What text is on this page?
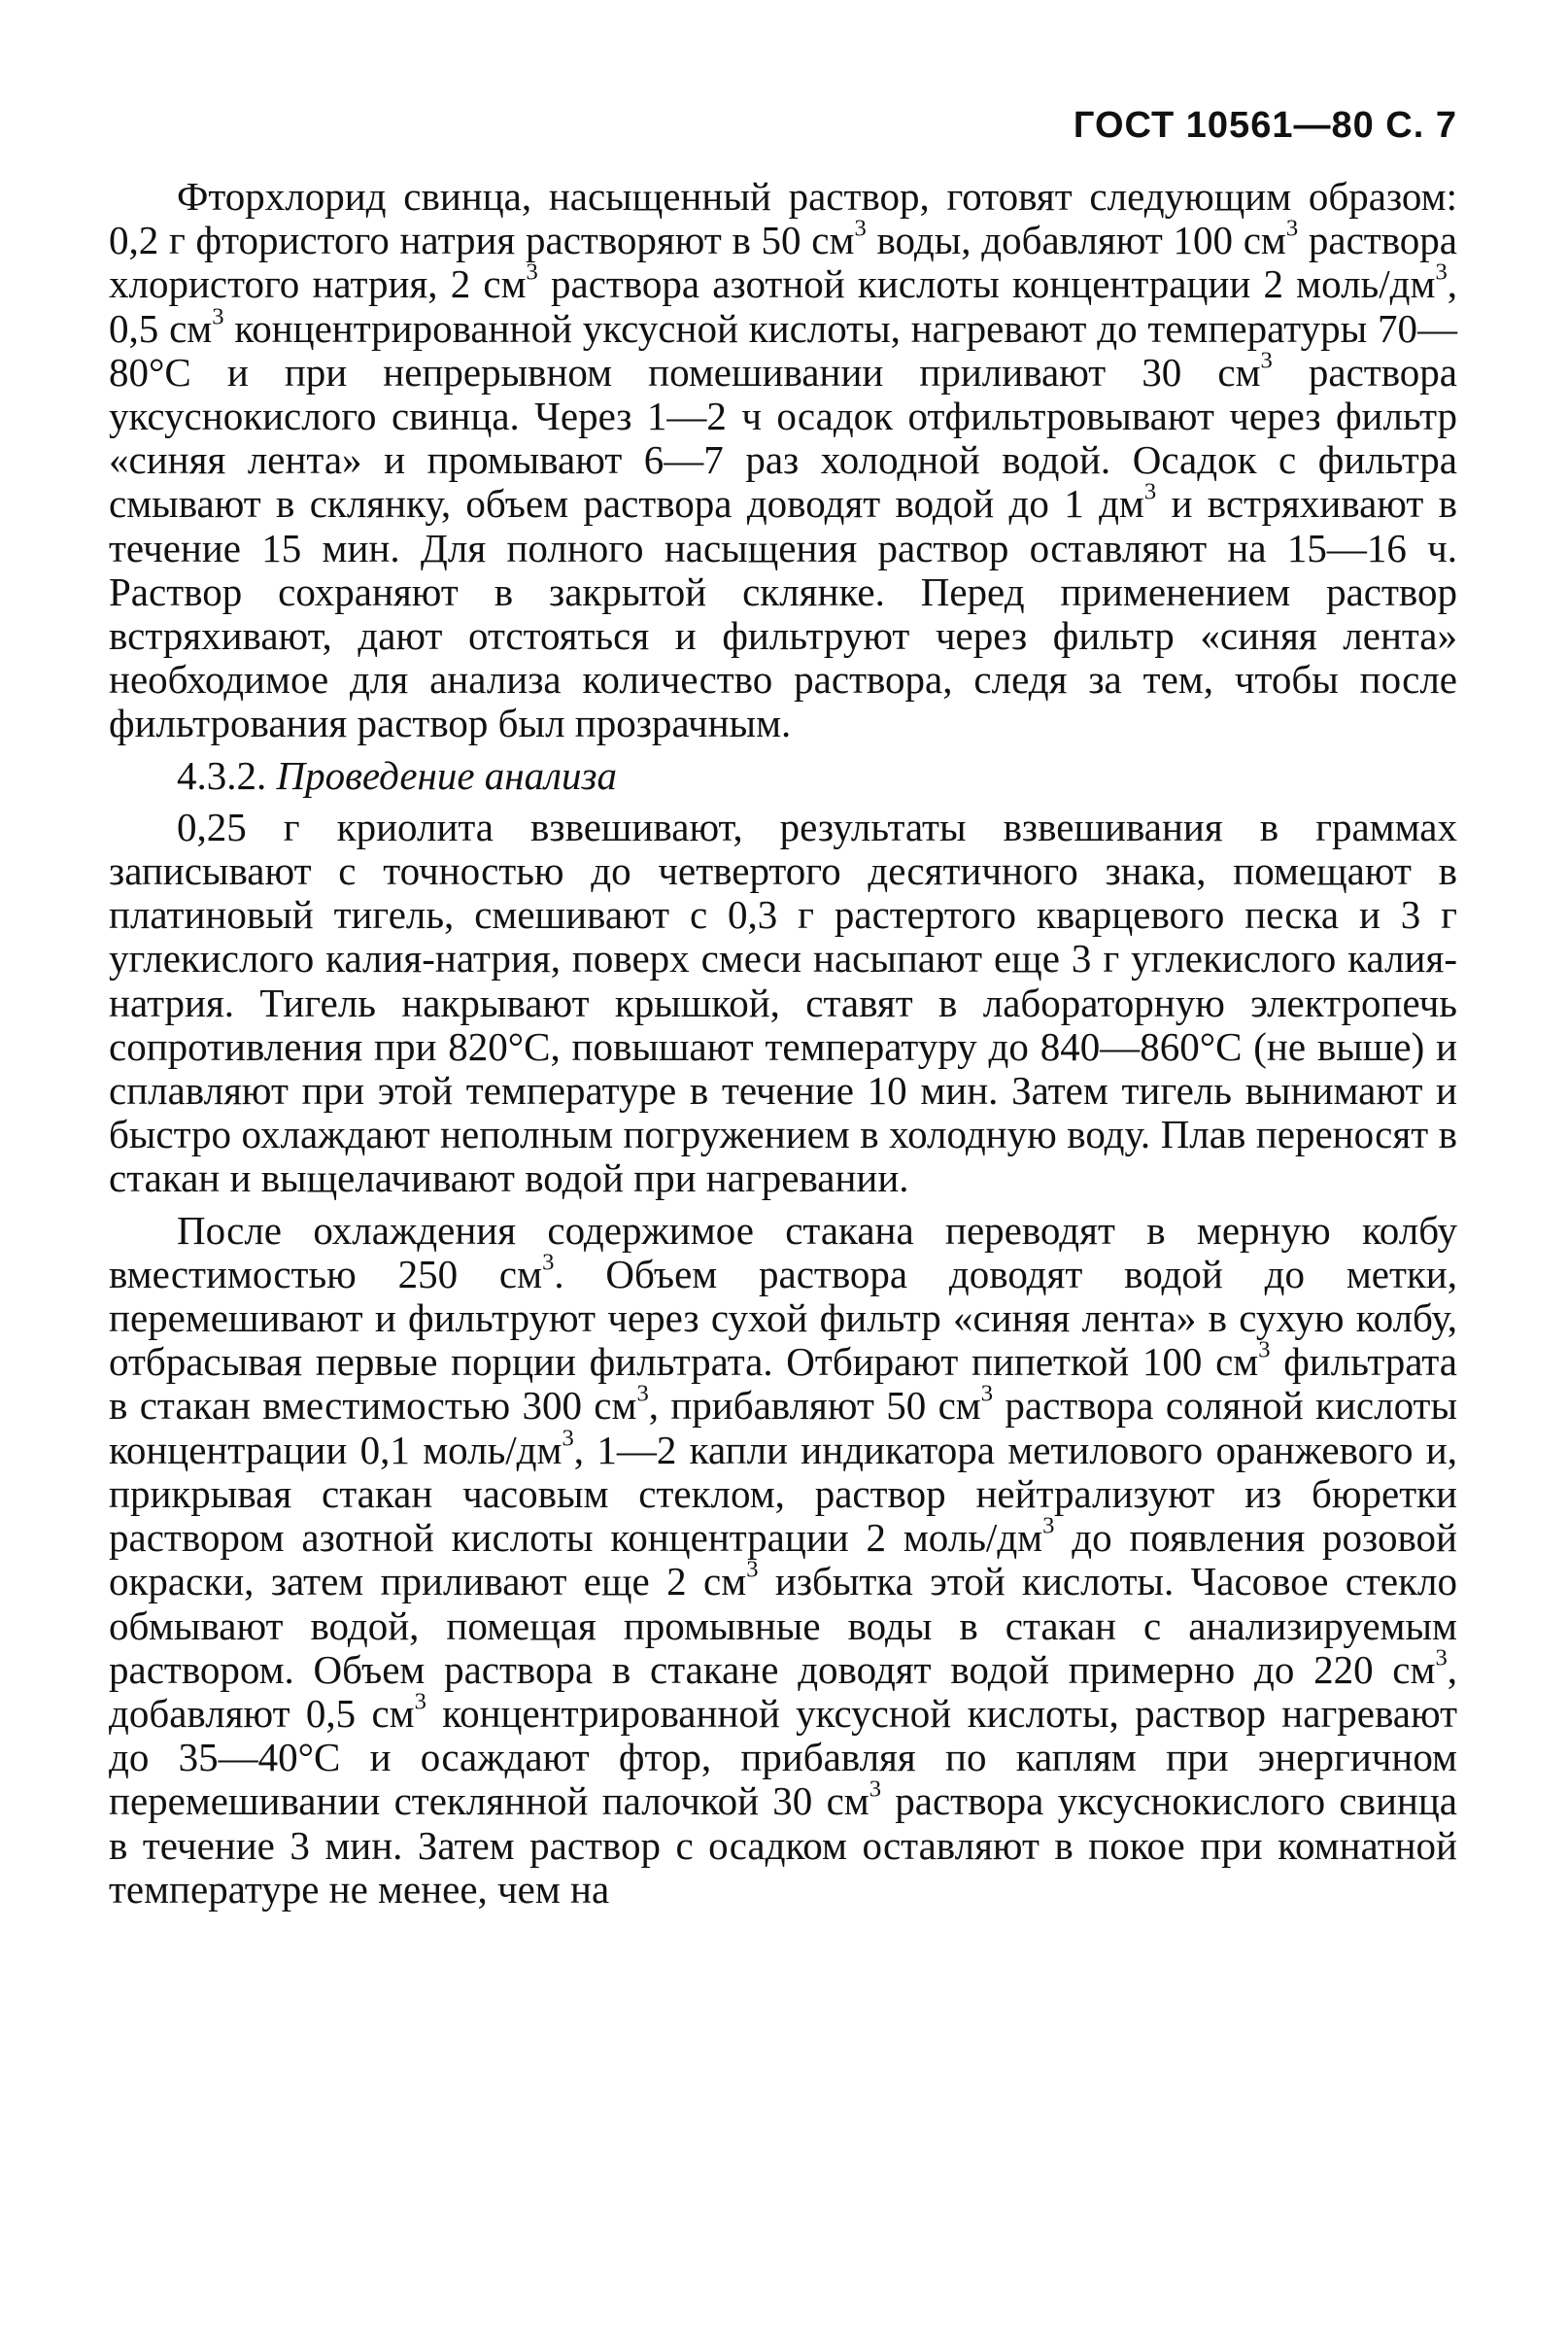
ГОСТ 10561—80 С. 7

Фторхлорид свинца, насыщенный раствор, готовят следующим образом: 0,2 г фтористого натрия растворяют в 50 $см^3$ воды, добавляют 100 $см^3$ раствора хлористого натрия, 2 $см^3$ раствора азотной кислоты концентрации 2 моль/$дм^3$, 0,5 $см^3$ концентрированной уксусной кислоты, нагревают до температуры 70—80°С и при непрерывном помешивании приливают 30 $см^3$ раствора уксуснокислого свинца. Через 1—2 ч осадок отфильтровывают через фильтр «синяя лента» и промывают 6—7 раз холодной водой. Осадок с фильтра смывают в склянку, объем раствора доводят водой до 1 $дм^3$ и встряхивают в течение 15 мин. Для полного насыщения раствор оставляют на 15—16 ч. Раствор сохраняют в закрытой склянке. Перед применением раствор встряхивают, дают отстояться и фильтруют через фильтр «синяя лента» необходимое для анализа количество раствора, следя за тем, чтобы после фильтрования раствор был прозрачным.

4.3.2. Проведение анализа

0,25 г криолита взвешивают, результаты взвешивания в граммах записывают с точностью до четвертого десятичного знака, помещают в платиновый тигель, смешивают с 0,3 г растертого кварцевого песка и 3 г углекислого калия-натрия, поверх смеси насыпают еще 3 г углекислого калия-натрия. Тигель накрывают крышкой, ставят в лабораторную электропечь сопротивления при 820°С, повышают температуру до 840—860°С (не выше) и сплавляют при этой температуре в течение 10 мин. Затем тигель вынимают и быстро охлаждают неполным погружением в холодную воду. Плав переносят в стакан и выщелачивают водой при нагревании.

После охлаждения содержимое стакана переводят в мерную колбу вместимостью 250 $см^3$. Объем раствора доводят водой до метки, перемешивают и фильтруют через сухой фильтр «синяя лента» в сухую колбу, отбрасывая первые порции фильтрата. Отбирают пипеткой 100 $см^3$ фильтрата в стакан вместимостью 300 $см^3$, прибавляют 50 $см^3$ раствора соляной кислоты концентрации 0,1 моль/$дм^3$, 1—2 капли индикатора метилового оранжевого и, прикрывая стакан часовым стеклом, раствор нейтрализуют из бюретки раствором азотной кислоты концентрации 2 моль/$дм^3$ до появления розовой окраски, затем приливают еще 2 $см^3$ избытка этой кислоты. Часовое стекло обмывают водой, помещая промывные воды в стакан с анализируемым раствором. Объем раствора в стакане доводят водой примерно до 220 $см^3$, добавляют 0,5 $см^3$ концентрированной уксусной кислоты, раствор нагревают до 35—40°С и осаждают фтор, прибавляя по каплям при энергичном перемешивании стеклянной палочкой 30 $см^3$ раствора уксуснокислого свинца в течение 3 мин. Затем раствор с осадком оставляют в покое при комнатной температуре не менее, чем на
